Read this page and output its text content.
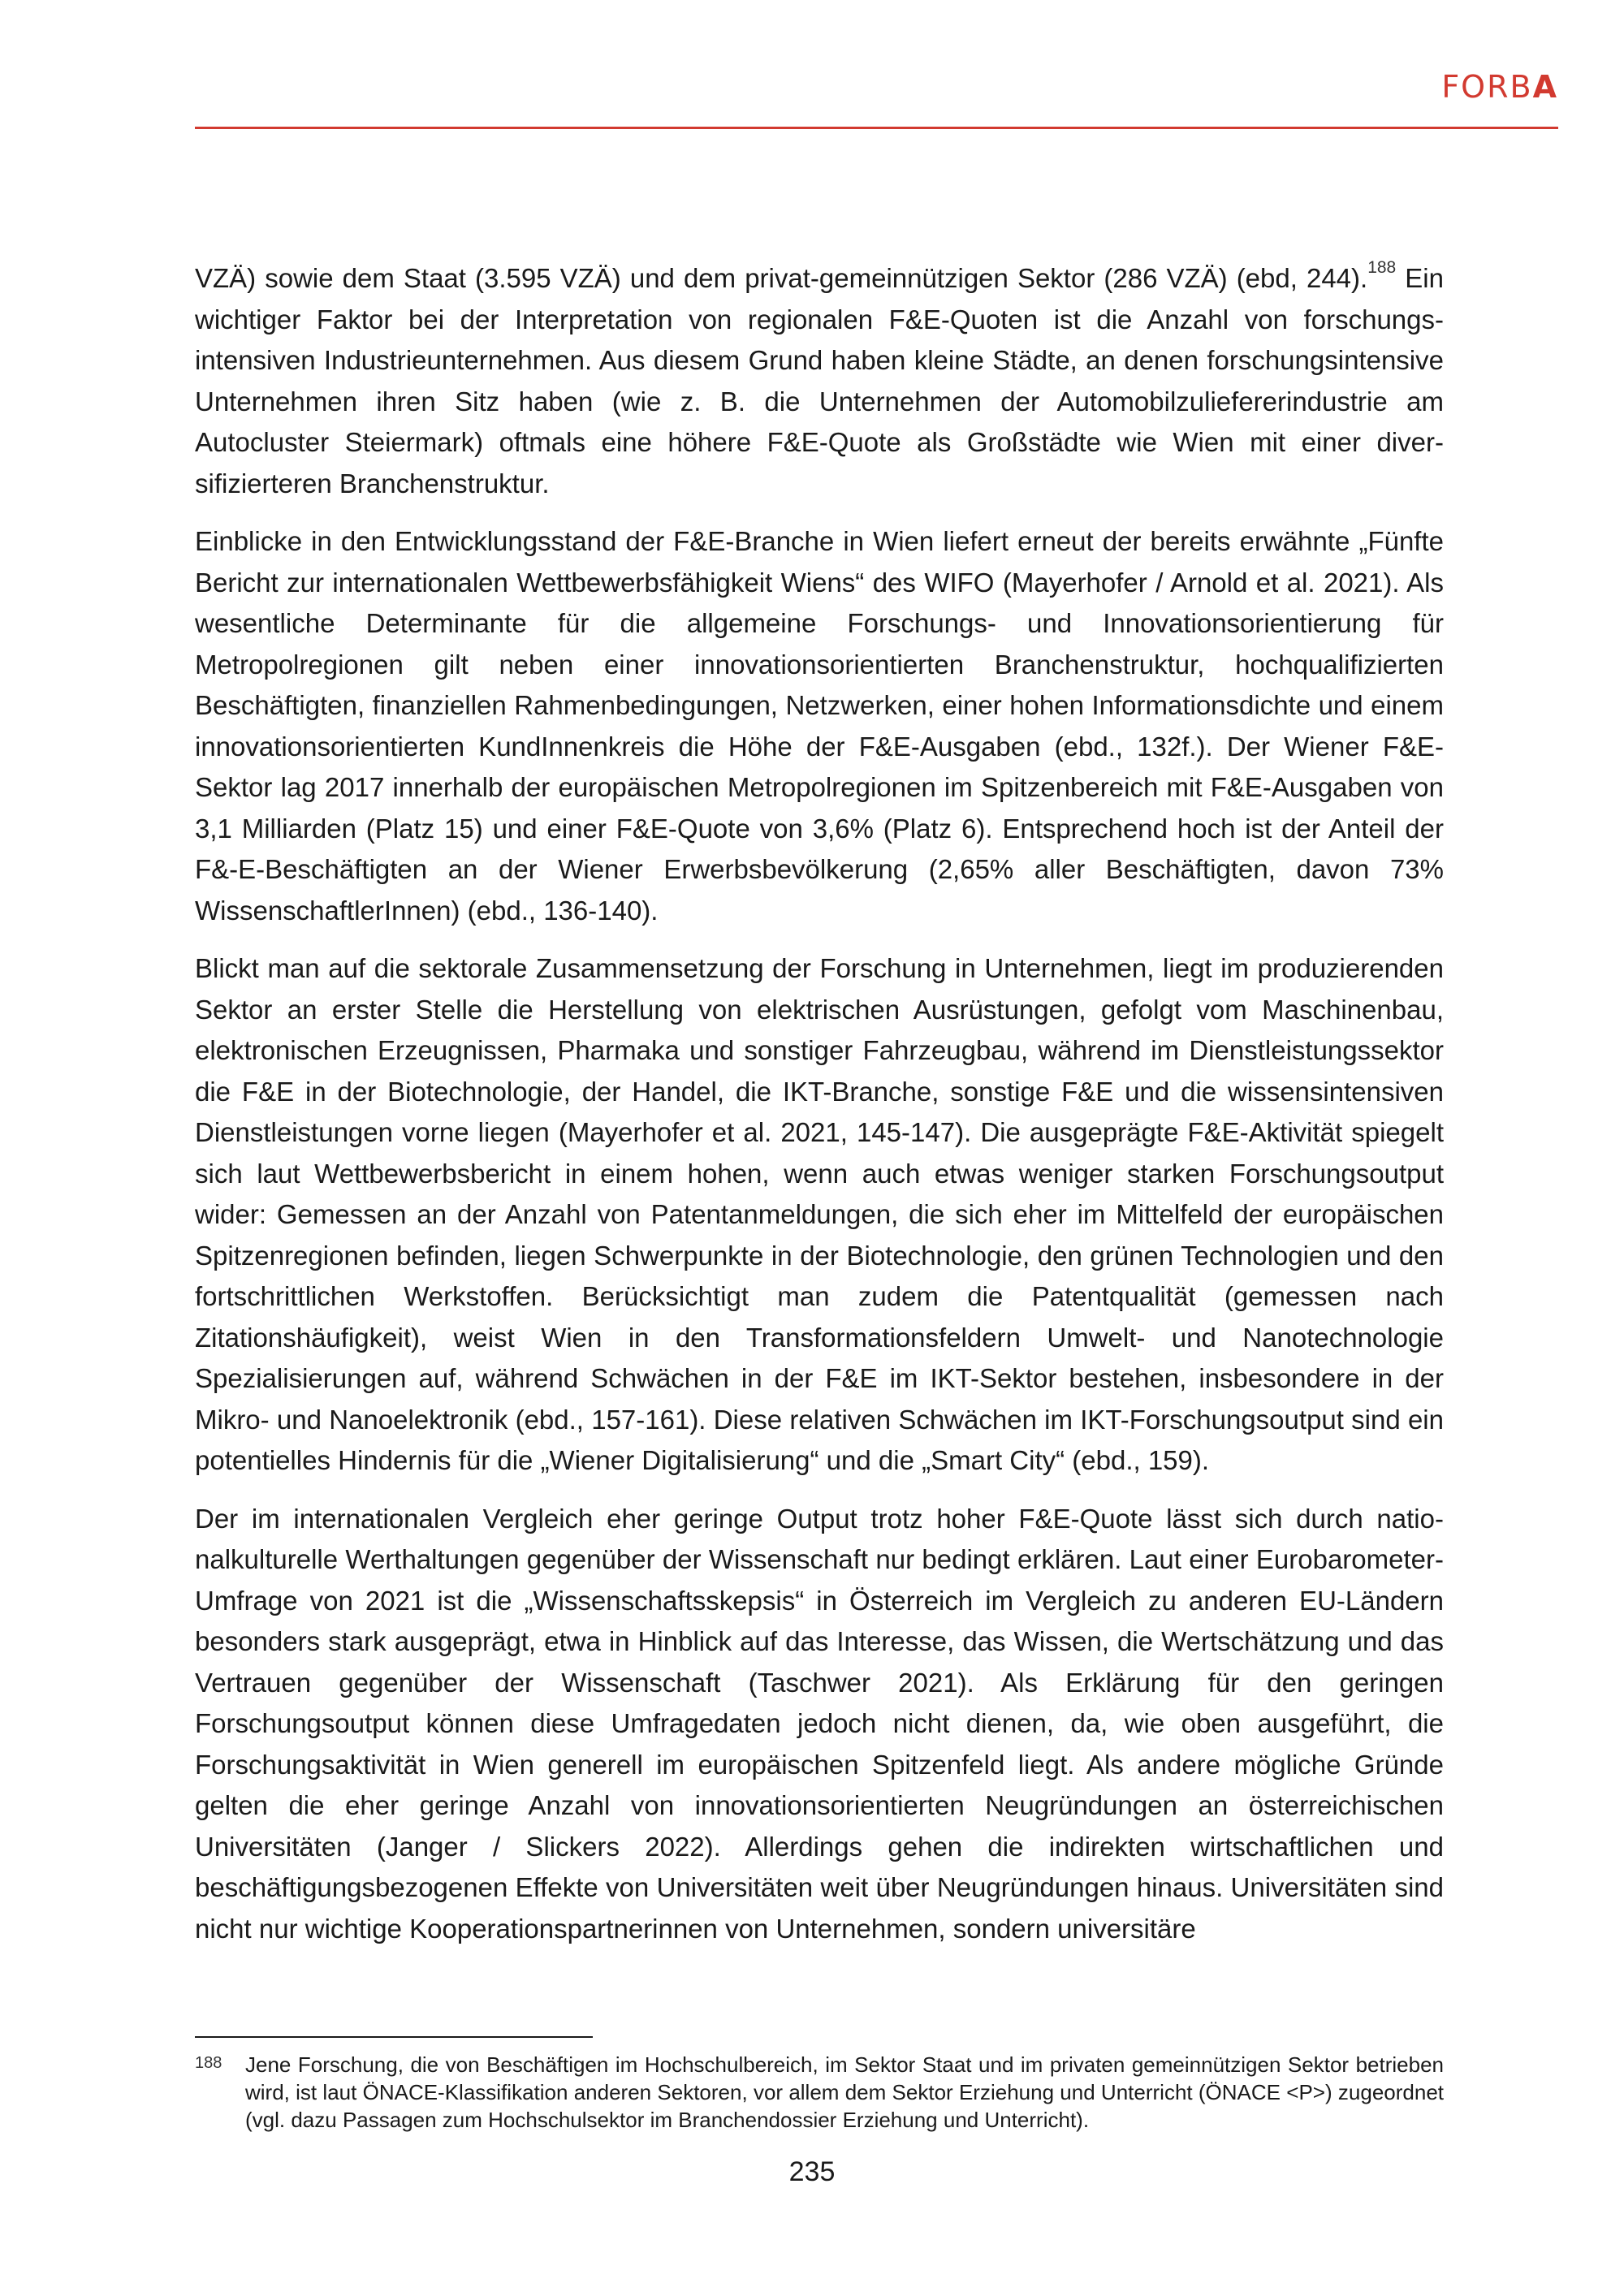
FORBA

VZÄ) sowie dem Staat (3.595 VZÄ) und dem privat-gemeinnützigen Sektor (286 VZÄ) (ebd, 244).$^{188}$ Ein wichtiger Faktor bei der Interpretation von regionalen F&E-Quoten ist die Anzahl von forschungsintensiven Industrieunternehmen. Aus diesem Grund haben kleine Städte, an denen forschungsintensive Unternehmen ihren Sitz haben (wie z. B. die Unternehmen der Automobilzuliefererindustrie am Autocluster Steiermark) oftmals eine höhere F&E-Quote als Großstädte wie Wien mit einer diversifizierteren Branchenstruktur.

Einblicke in den Entwicklungsstand der F&E-Branche in Wien liefert erneut der bereits erwähnte „Fünfte Bericht zur internationalen Wettbewerbsfähigkeit Wiens“ des WIFO (Mayerhofer / Arnold et al. 2021). Als wesentliche Determinante für die allgemeine Forschungs- und Innovationsorientierung für Metropolregionen gilt neben einer innovationsorientierten Branchenstruktur, hochqualifizierten Beschäftigten, finanziellen Rahmenbedingungen, Netzwerken, einer hohen Informationsdichte und einem innovationsorientierten KundInnenkreis die Höhe der F&E-Ausgaben (ebd., 132f.). Der Wiener F&E-Sektor lag 2017 innerhalb der europäischen Metropolregionen im Spitzenbereich mit F&E-Ausgaben von 3,1 Milliarden (Platz 15) und einer F&E-Quote von 3,6% (Platz 6). Entsprechend hoch ist der Anteil der F&-E-Beschäftigten an der Wiener Erwerbsbevölkerung (2,65% aller Beschäftigten, davon 73% WissenschaftlerInnen) (ebd., 136-140).

Blickt man auf die sektorale Zusammensetzung der Forschung in Unternehmen, liegt im produzierenden Sektor an erster Stelle die Herstellung von elektrischen Ausrüstungen, gefolgt vom Maschinenbau, elektronischen Erzeugnissen, Pharmaka und sonstiger Fahrzeugbau, während im Dienstleistungssektor die F&E in der Biotechnologie, der Handel, die IKT-Branche, sonstige F&E und die wissensintensiven Dienstleistungen vorne liegen (Mayerhofer et al. 2021, 145-147). Die ausgeprägte F&E-Aktivität spiegelt sich laut Wettbewerbsbericht in einem hohen, wenn auch etwas weniger starken Forschungsoutput wider: Gemessen an der Anzahl von Patentanmeldungen, die sich eher im Mittelfeld der europäischen Spitzenregionen befinden, liegen Schwerpunkte in der Biotechnologie, den grünen Technologien und den fortschrittlichen Werkstoffen. Berücksichtigt man zudem die Patentqualität (gemessen nach Zitationshäufigkeit), weist Wien in den Transformationsfeldern Umwelt- und Nanotechnologie Spezialisierungen auf, während Schwächen in der F&E im IKT-Sektor bestehen, insbesondere in der Mikro- und Nanoelektronik (ebd., 157-161). Diese relativen Schwächen im IKT-Forschungsoutput sind ein potentielles Hindernis für die „Wiener Digitalisierung“ und die „Smart City“ (ebd., 159).

Der im internationalen Vergleich eher geringe Output trotz hoher F&E-Quote lässt sich durch nationalkulturelle Werthaltungen gegenüber der Wissenschaft nur bedingt erklären. Laut einer Eurobarometer-Umfrage von 2021 ist die „Wissenschaftsskepsis“ in Österreich im Vergleich zu anderen EU-Ländern besonders stark ausgeprägt, etwa in Hinblick auf das Interesse, das Wissen, die Wertschätzung und das Vertrauen gegenüber der Wissenschaft (Taschwer 2021). Als Erklärung für den geringen Forschungsoutput können diese Umfragedaten jedoch nicht dienen, da, wie oben ausgeführt, die Forschungsaktivität in Wien generell im europäischen Spitzenfeld liegt. Als andere mögliche Gründe gelten die eher geringe Anzahl von innovationsorientierten Neugründungen an österreichischen Universitäten (Janger / Slickers 2022). Allerdings gehen die indirekten wirtschaftlichen und beschäftigungsbezogenen Effekte von Universitäten weit über Neugründungen hinaus. Universitäten sind nicht nur wichtige Kooperationspartnerinnen von Unternehmen, sondern universitäre

188	Jene Forschung, die von Beschäftigen im Hochschulbereich, im Sektor Staat und im privaten gemeinnützigen Sektor betrieben wird, ist laut ÖNACE-Klassifikation anderen Sektoren, vor allem dem Sektor Erziehung und Unterricht (ÖNACE <P>) zugeordnet (vgl. dazu Passagen zum Hochschulsektor im Branchendossier Erziehung und Unterricht).
235
